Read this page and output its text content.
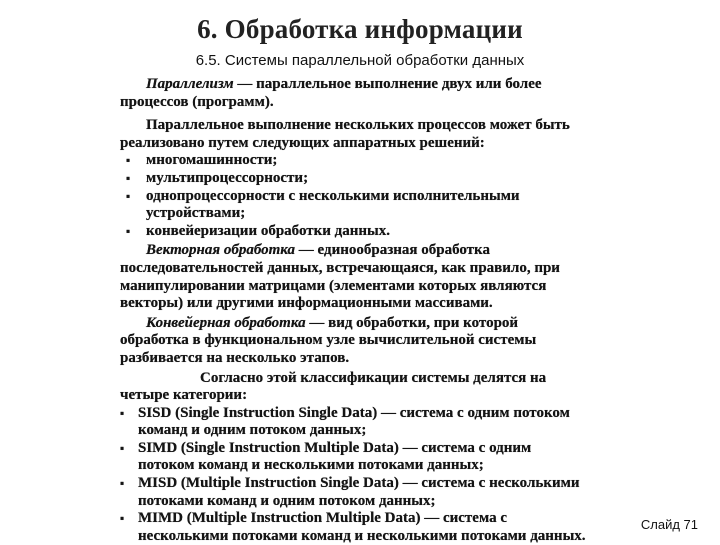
6. Обработка информации
6.5. Системы параллельной обработки данных

Параллелизм — параллельное выполнение двух или более процессов (программ).

Параллельное выполнение нескольких процессов может быть реализовано путем следующих аппаратных решений:

▪ многомашинности;
▪ мультипроцессорности;
▪ однопроцессорности с несколькими исполнительными устройствами;
▪ конвейеризации обработки данных.

Векторная обработка — единообразная обработка последовательностей данных, встречающаяся, как правило, при манипулировании матрицами (элементами которых являются векторы) или другими информационными массивами.

Конвейерная обработка — вид обработки, при которой обработка в функциональном узле вычислительной системы разбивается на несколько этапов.

Согласно этой классификации системы делятся на четыре категории:

▪ SISD (Single Instruction Single Data) — система с одним потоком команд и одним потоком данных;
▪ SIMD (Single Instruction Multiple Data) — система с одним потоком команд и несколькими потоками данных;
▪ MISD (Multiple Instruction Single Data) — система с несколькими потоками команд и одним потоком данных;
▪ MIMD (Multiple Instruction Multiple Data) — система с несколькими потоками команд и несколькими потоками данных.
Слайд 71
